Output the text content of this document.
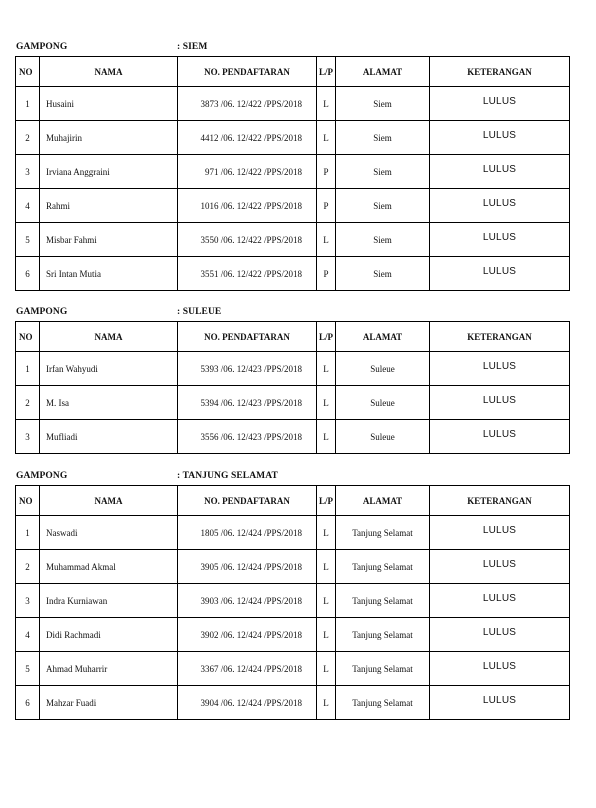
GAMPONG	: SIEM
NO	NAMA	NO. PENDAFTARAN	L/P	ALAMAT	KETERANGAN
1	Husaini	3873 /06. 12/422 /PPS/2018	L	Siem	LULUS
2	Muhajirin	4412 /06. 12/422 /PPS/2018	L	Siem	LULUS
3	Irviana Anggraini	971 /06. 12/422 /PPS/2018	P	Siem	LULUS
4	Rahmi	1016 /06. 12/422 /PPS/2018	P	Siem	LULUS
5	Misbar Fahmi	3550 /06. 12/422 /PPS/2018	L	Siem	LULUS
6	Sri Intan Mutia	3551 /06. 12/422 /PPS/2018	P	Siem	LULUS
GAMPONG	: SULEUE
NO	NAMA	NO. PENDAFTARAN	L/P	ALAMAT	KETERANGAN
1	Irfan Wahyudi	5393 /06. 12/423 /PPS/2018	L	Suleue	LULUS
2	M. Isa	5394 /06. 12/423 /PPS/2018	L	Suleue	LULUS
3	Mufliadi	3556 /06. 12/423 /PPS/2018	L	Suleue	LULUS
GAMPONG	: TANJUNG SELAMAT
NO	NAMA	NO. PENDAFTARAN	L/P	ALAMAT	KETERANGAN
1	Naswadi	1805 /06. 12/424 /PPS/2018	L	Tanjung Selamat	LULUS
2	Muhammad Akmal	3905 /06. 12/424 /PPS/2018	L	Tanjung Selamat	LULUS
3	Indra Kurniawan	3903 /06. 12/424 /PPS/2018	L	Tanjung Selamat	LULUS
4	Didi Rachmadi	3902 /06. 12/424 /PPS/2018	L	Tanjung Selamat	LULUS
5	Ahmad Muharrir	3367 /06. 12/424 /PPS/2018	L	Tanjung Selamat	LULUS
6	Mahzar Fuadi	3904 /06. 12/424 /PPS/2018	L	Tanjung Selamat	LULUS
